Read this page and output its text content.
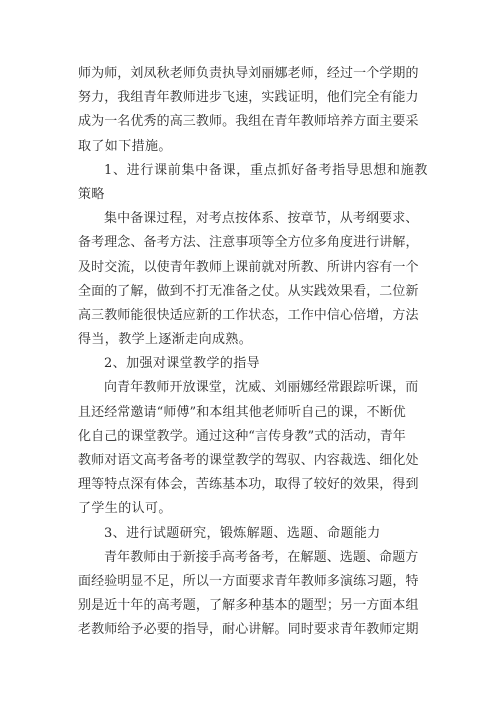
师为师，刘凤秋老师负责执导刘丽娜老师，经过一个学期的
努力，我组青年教师进步飞速，实践证明，他们完全有能力
成为一名优秀的高三教师。我组在青年教师培养方面主要采
取了如下措施。
1、进行课前集中备课，重点抓好备考指导思想和施教
策略
集中备课过程，对考点按体系、按章节，从考纲要求、
备考理念、备考方法、注意事项等全方位多角度进行讲解，
及时交流，以使青年教师上课前就对所教、所讲内容有一个
全面的了解，做到不打无准备之仗。从实践效果看，二位新
高三教师能很快适应新的工作状态，工作中信心倍增，方法
得当，教学上逐渐走向成熟。
2、加强对课堂教学的指导
向青年教师开放课堂，沈威、刘丽娜经常跟踪听课，而
且还经常邀请“师傅”和本组其他老师听自己的课，不断优
化自己的课堂教学。通过这种“言传身教”式的活动，青年
教师对语文高考备考的课堂教学的驾驭、内容裁选、细化处
理等特点深有体会，苦练基本功，取得了较好的效果，得到
了学生的认可。
3、进行试题研究，锻炼解题、选题、命题能力
青年教师由于新接手高考备考，在解题、选题、命题方
面经验明显不足，所以一方面要求青年教师多演练习题，特
别是近十年的高考题，了解多种基本的题型；另一方面本组
老教师给予必要的指导，耐心讲解。同时要求青年教师定期
